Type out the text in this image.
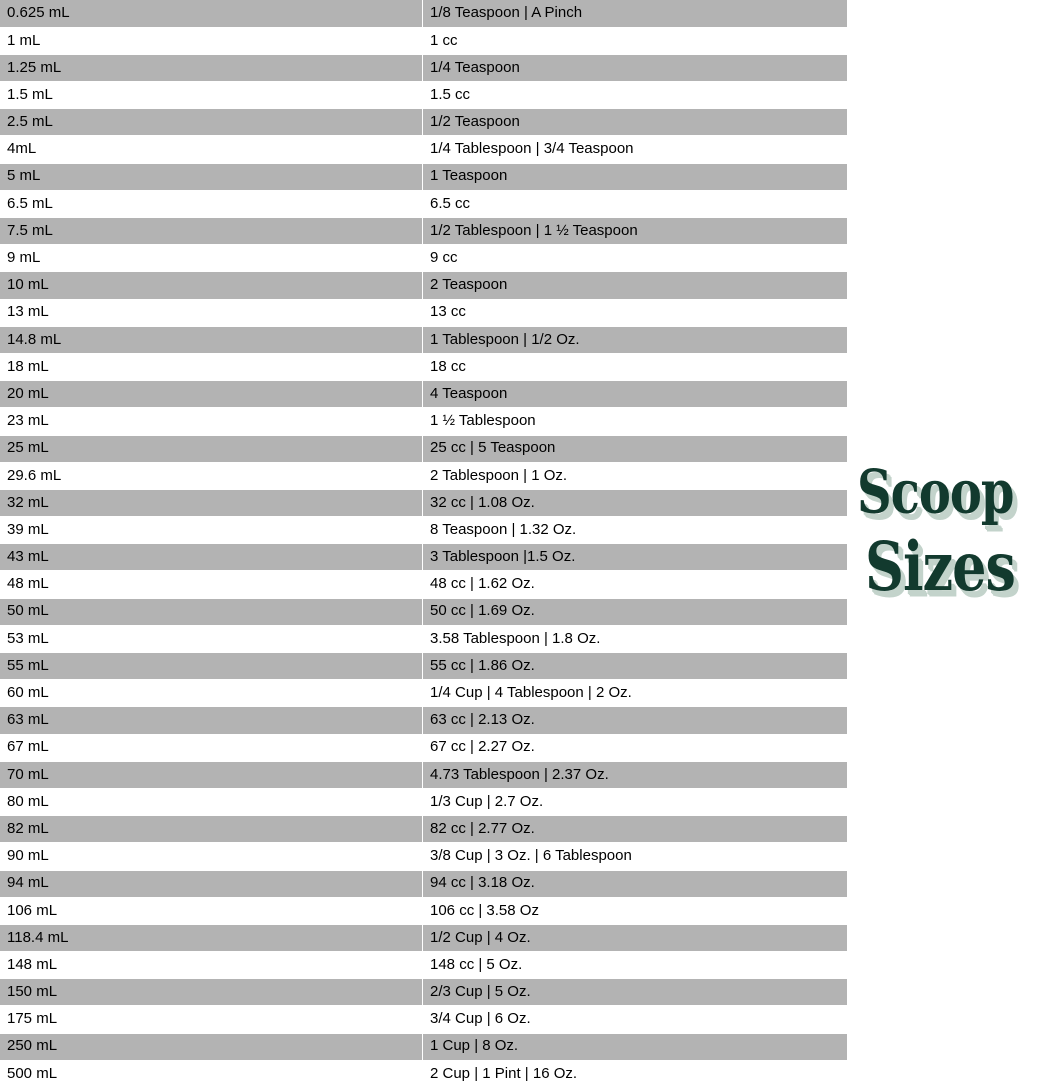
0.625 mL	1/8 Teaspoon | A Pinch
1 mL	1 cc
1.25 mL	1/4 Teaspoon
1.5 mL	1.5 cc
2.5 mL	1/2 Teaspoon
4mL	1/4 Tablespoon | 3/4 Teaspoon
5 mL	1 Teaspoon
6.5 mL	6.5 cc
7.5 mL	1/2 Tablespoon | 1 ½ Teaspoon
9 mL	9 cc
10 mL	2 Teaspoon
13 mL	13 cc
14.8 mL	1 Tablespoon | 1/2 Oz.
18 mL	18 cc
20 mL	4 Teaspoon
23 mL	1 ½ Tablespoon
25 mL	25 cc | 5 Teaspoon
29.6 mL	2 Tablespoon | 1 Oz.
32 mL	32 cc | 1.08 Oz.
39 mL	8 Teaspoon | 1.32 Oz.
43 mL	3 Tablespoon |1.5 Oz.
48 mL	48 cc | 1.62 Oz.
50 mL	50 cc | 1.69 Oz.
53 mL	3.58 Tablespoon | 1.8 Oz.
55 mL	55 cc | 1.86 Oz.
60 mL	1/4 Cup | 4 Tablespoon | 2 Oz.
63 mL	63 cc | 2.13 Oz.
67 mL	67 cc | 2.27 Oz.
70 mL	4.73 Tablespoon | 2.37 Oz.
80 mL	1/3 Cup | 2.7 Oz.
82 mL	82 cc | 2.77 Oz.
90 mL	3/8 Cup | 3 Oz. | 6 Tablespoon
94 mL	94 cc | 3.18 Oz.
106 mL	106 cc | 3.58 Oz
118.4 mL	1/2 Cup | 4 Oz.
148 mL	148 cc | 5 Oz.
150 mL	2/3 Cup | 5 Oz.
175 mL	3/4 Cup | 6 Oz.
250 mL	1 Cup | 8 Oz.
500 mL	2 Cup | 1 Pint | 16 Oz.
Scoop
Sizes
